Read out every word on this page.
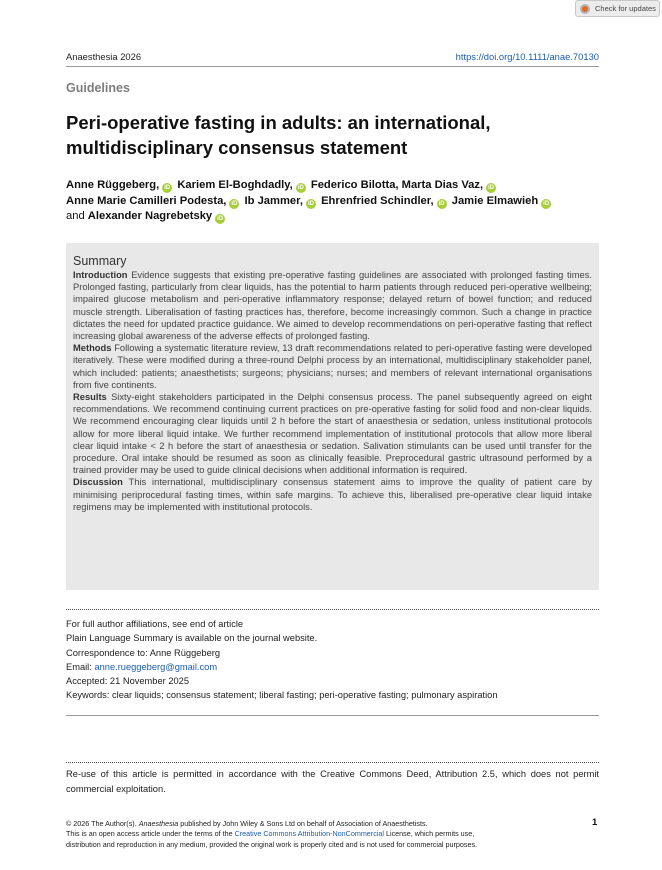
Check for updates
Anaesthesia 2026	https://doi.org/10.1111/anae.70130
Guidelines
Peri-operative fasting in adults: an international, multidisciplinary consensus statement
Anne Rüggeberg, iD Kariem El-Boghdadly, iD Federico Bilotta, Marta Dias Vaz, iD
Anne Marie Camilleri Podesta, iD Ib Jammer, iD Ehrenfried Schindler, iD Jamie Elmawieh iD
and Alexander Nagrebetsky iD
Summary

Introduction Evidence suggests that existing pre-operative fasting guidelines are associated with prolonged fasting times. Prolonged fasting, particularly from clear liquids, has the potential to harm patients through reduced peri-operative wellbeing; impaired glucose metabolism and peri-operative inflammatory response; delayed return of bowel function; and reduced muscle strength. Liberalisation of fasting practices has, therefore, become increasingly common. Such a change in practice dictates the need for updated practice guidance. We aimed to develop recommendations on peri-operative fasting that reflect increasing global awareness of the adverse effects of prolonged fasting.

Methods Following a systematic literature review, 13 draft recommendations related to peri-operative fasting were developed iteratively. These were modified during a three-round Delphi process by an international, multidisciplinary stakeholder panel, which included: patients; anaesthetists; surgeons; physicians; nurses; and members of relevant international organisations from five continents.

Results Sixty-eight stakeholders participated in the Delphi consensus process. The panel subsequently agreed on eight recommendations. We recommend continuing current practices on pre-operative fasting for solid food and non-clear liquids. We recommend encouraging clear liquids until 2 h before the start of anaesthesia or sedation, unless institutional protocols allow for more liberal liquid intake. We further recommend implementation of institutional protocols that allow more liberal clear liquid intake < 2 h before the start of anaesthesia or sedation. Salivation stimulants can be used until transfer for the procedure. Oral intake should be resumed as soon as clinically feasible. Preprocedural gastric ultrasound performed by a trained provider may be used to guide clinical decisions when additional information is required.

Discussion This international, multidisciplinary consensus statement aims to improve the quality of patient care by minimising periprocedural fasting times, within safe margins. To achieve this, liberalised pre-operative clear liquid intake regimens may be implemented with institutional protocols.

For full author affiliations, see end of article
Plain Language Summary is available on the journal website.
Correspondence to: Anne Rüggeberg
Email: anne.rueggeberg@gmail.com
Accepted: 21 November 2025
Keywords: clear liquids; consensus statement; liberal fasting; peri-operative fasting; pulmonary aspiration
Re-use of this article is permitted in accordance with the Creative Commons Deed, Attribution 2.5, which does not permit commercial exploitation.
© 2026 The Author(s). Anaesthesia published by John Wiley & Sons Ltd on behalf of Association of Anaesthetists.
This is an open access article under the terms of the Creative Commons Attribution-NonCommercial License, which permits use,
distribution and reproduction in any medium, provided the original work is properly cited and is not used for commercial purposes.
1
